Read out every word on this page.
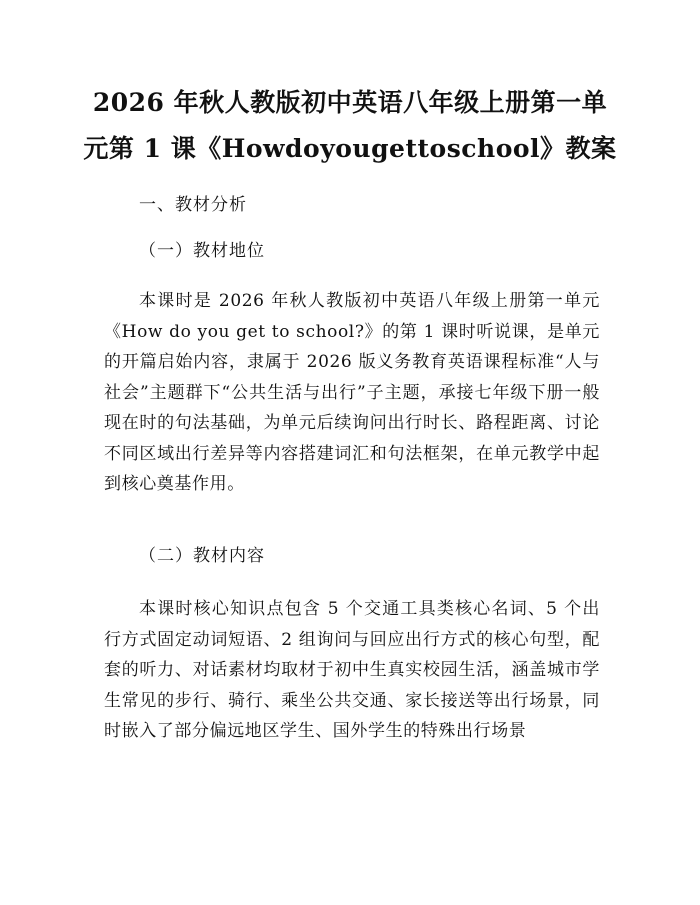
2026 年秋人教版初中英语八年级上册第一单
元第 1 课《Howdoyougettoschool》教案
一、教材分析
（一）教材地位
本课时是 2026 年秋人教版初中英语八年级上册第一单元《How do you get to school?》的第 1 课时听说课，是单元的开篇启始内容，隶属于 2026 版义务教育英语课程标准“人与社会”主题群下“公共生活与出行”子主题，承接七年级下册一般现在时的句法基础，为单元后续询问出行时长、路程距离、讨论不同区域出行差异等内容搭建词汇和句法框架，在单元教学中起到核心奠基作用。
（二）教材内容
本课时核心知识点包含 5 个交通工具类核心名词、5 个出行方式固定动词短语、2 组询问与回应出行方式的核心句型，配套的听力、对话素材均取材于初中生真实校园生活，涵盖城市学生常见的步行、骑行、乘坐公共交通、家长接送等出行场景，同时嵌入了部分偏远地区学生、国外学生的特殊出行场景
